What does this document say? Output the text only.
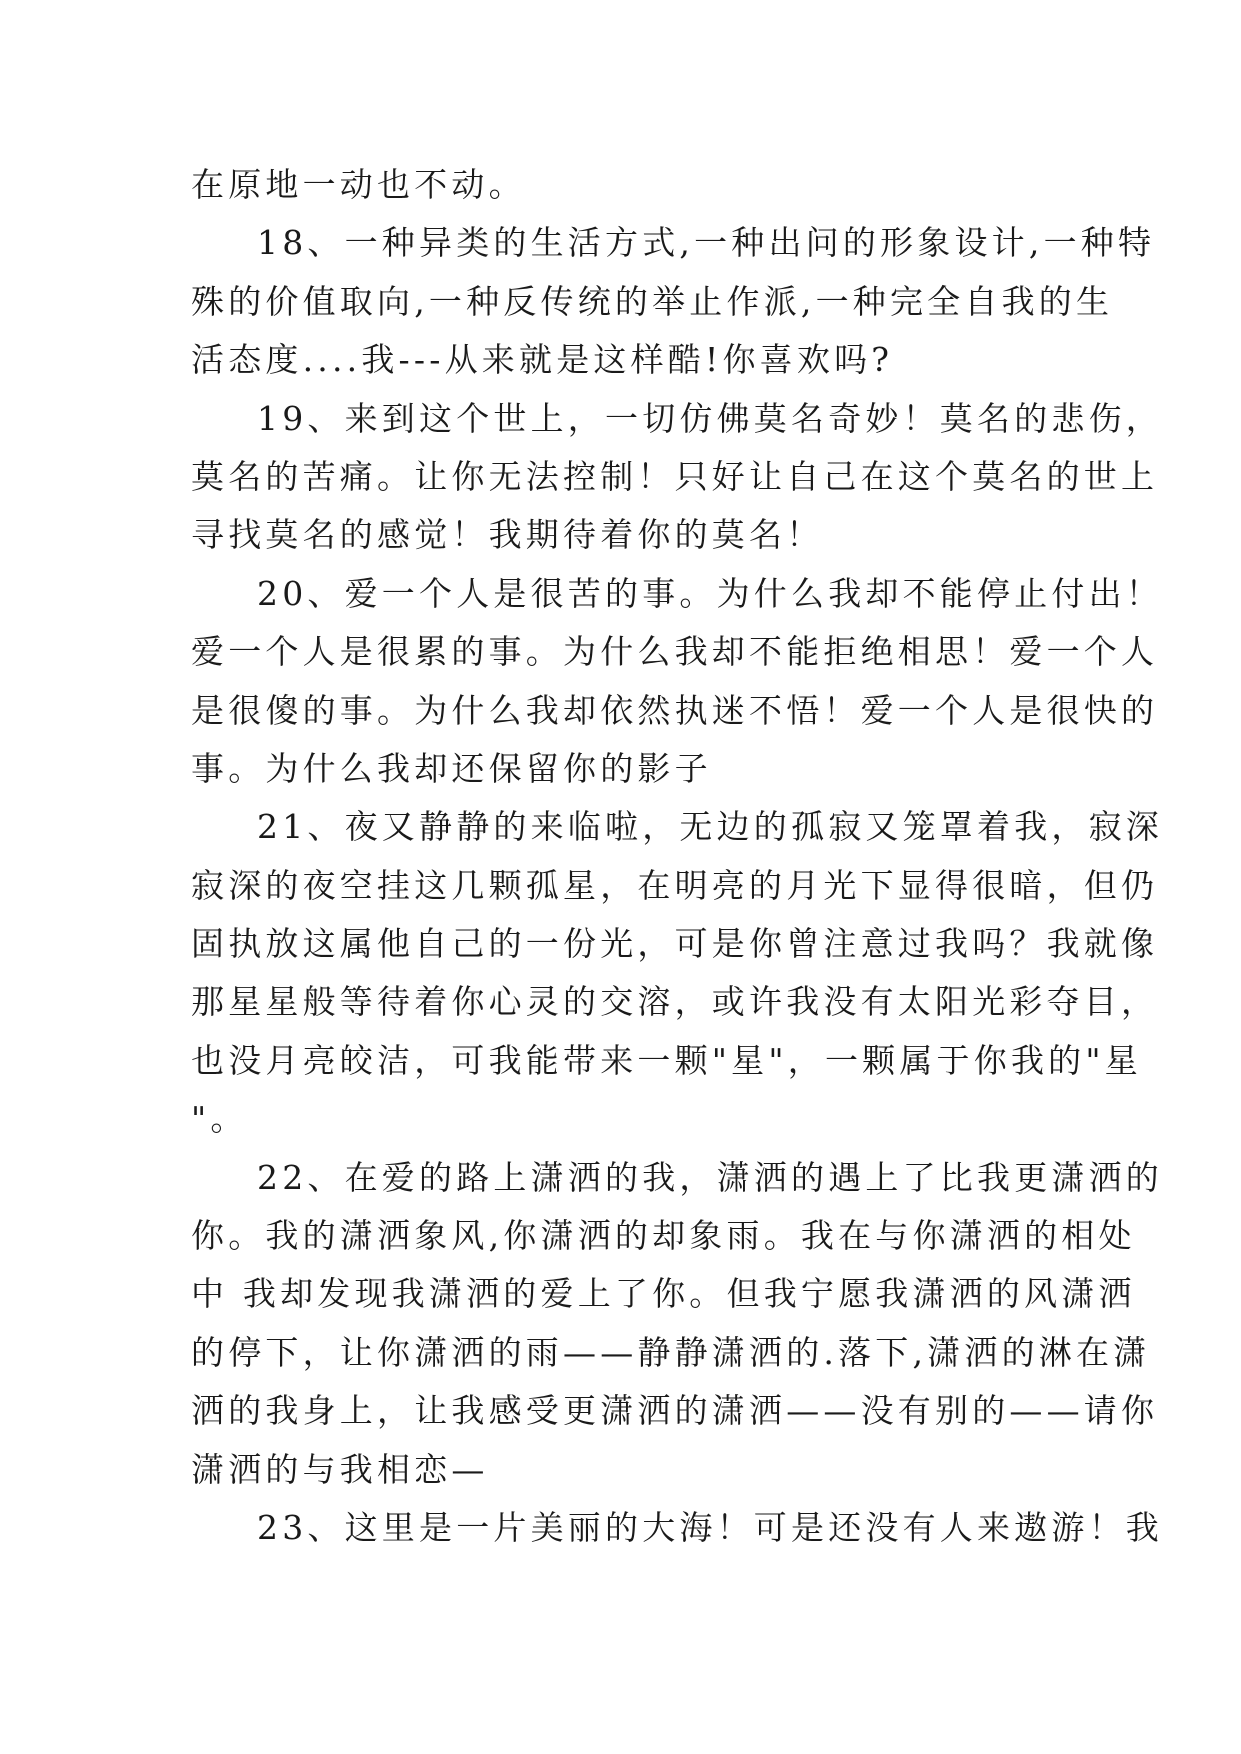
在原地一动也不动。
18、一种异类的生活方式,一种出问的形象设计,一种特
殊的价值取向,一种反传统的举止作派,一种完全自我的生
活态度....我---从来就是这样酷!你喜欢吗?
19、来到这个世上，一切仿佛莫名奇妙！莫名的悲伤，
莫名的苦痛。让你无法控制！只好让自己在这个莫名的世上
寻找莫名的感觉！我期待着你的莫名！
20、爱一个人是很苦的事。为什么我却不能停止付出！
爱一个人是很累的事。为什么我却不能拒绝相思！爱一个人
是很傻的事。为什么我却依然执迷不悟！爱一个人是很快的
事。为什么我却还保留你的影子
21、夜又静静的来临啦，无边的孤寂又笼罩着我，寂深
寂深的夜空挂这几颗孤星，在明亮的月光下显得很暗，但仍
固执放这属他自己的一份光，可是你曾注意过我吗？我就像
那星星般等待着你心灵的交溶，或许我没有太阳光彩夺目，
也没月亮皎洁，可我能带来一颗"星"，一颗属于你我的"星
"。
22、在爱的路上潇洒的我，潇洒的遇上了比我更潇洒的
你。我的潇洒象风,你潇洒的却象雨。我在与你潇洒的相处
中 我却发现我潇洒的爱上了你。但我宁愿我潇洒的风潇洒
的停下，让你潇洒的雨——静静潇洒的.落下,潇洒的淋在潇
洒的我身上，让我感受更潇洒的潇洒——没有别的——请你
潇洒的与我相恋—
23、这里是一片美丽的大海！可是还没有人来遨游！我
